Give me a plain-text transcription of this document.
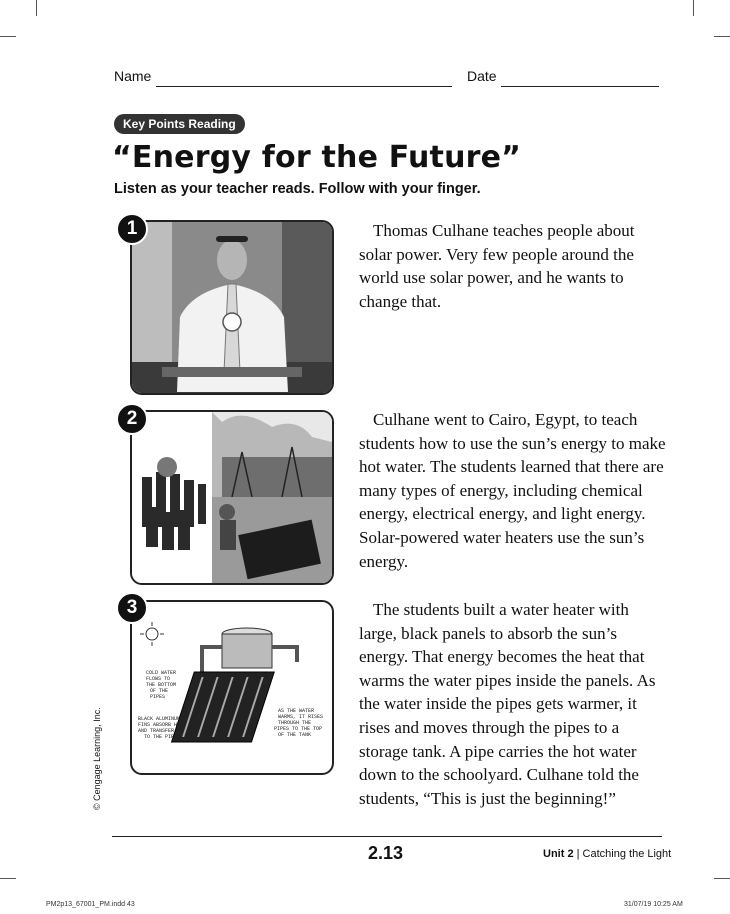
Name	Date
Key Points Reading
“Energy for the Future”
Listen as your teacher reads. Follow with your finger.
1	Thomas Culhane teaches people about solar power. Very few people around the world use solar power, and he wants to change that.
2	Culhane went to Cairo, Egypt, to teach students how to use the sun’s energy to make hot water. The students learned that there are many types of energy, including chemical energy, electrical energy, and light energy. Solar-powered water heaters use the sun’s energy.
COLD WATER FLOWS TO THE BOTTOM OF THE PIPES
BLACK ALUMINUM FINS ABSORB HEAT AND TRANSFER IT TO THE PIPES
AS THE WATER WARMS, IT RISES THROUGH THE PIPES TO THE TOP OF THE TANK
3	The students built a water heater with large, black panels to absorb the sun’s energy. That energy becomes the heat that warms the water pipes inside the panels. As the water inside the pipes gets warmer, it rises and moves through the pipes to a storage tank. A pipe carries the hot water down to the schoolyard. Culhane told the students, “This is just the beginning!”
© Cengage Learning, Inc.
2.13	Unit 2 | Catching the Light
PM2p13_67001_PM.indd 43	31/07/19 10:25 AM
